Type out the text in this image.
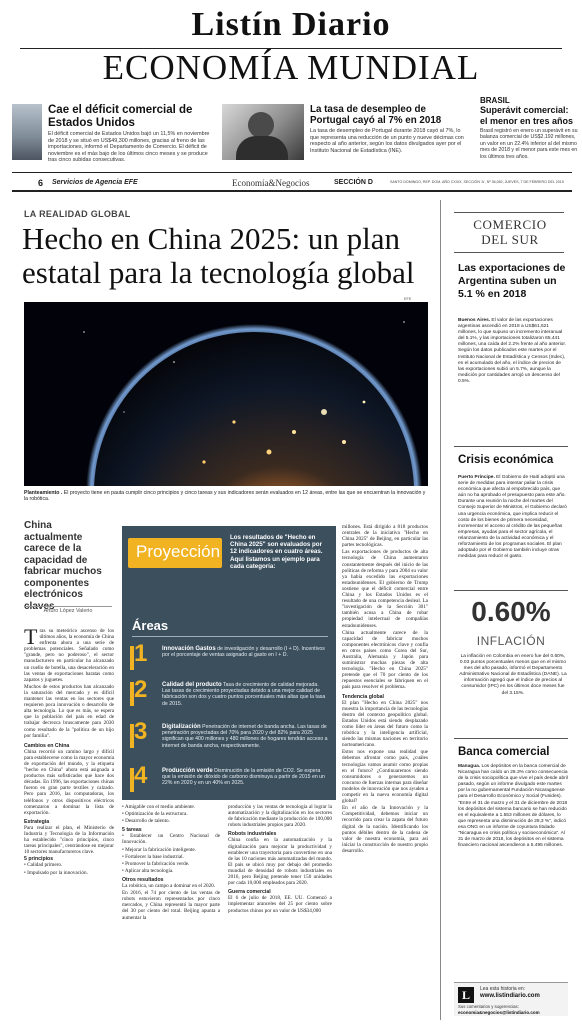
Listín Diario
ECONOMÍA MUNDIAL
Cae el déficit comercial de Estados Unidos
El déficit comercial de Estados Unidos bajó un 11,5% en noviembre de 2018 y se situó en US$49,300 millones, gracias al freno de las importaciones, informó el Departamento de Comercio. El déficit de noviembre es el más bajo de los últimos cinco meses y se produce tras cinco subidas consecutivas.
La tasa de desempleo de Portugal cayó al 7% en 2018
La tasa de desempleo de Portugal durante 2018 cayó al 7%, lo que representa una reducción de un punto y nueve décimas con respecto al año anterior, según los datos divulgados ayer por el Instituto Nacional de Estadística (INE).
BRASIL
Superávit comercial: el menor en tres años
Brasil registró en enero un superávit en su balanza comercial de US$2.192 millones, un valor en un 22.4% inferior al del mismo mes de 2018 y el menor para este mes en los últimos tres años.
6 Servicios de Agencia EFE	Economía&Negocios	SECCIÓN D	SANTO DOMINGO, REP. DOM. AÑO CXXIX, SECCIÓN 'A', Nº 36,082, JUEVES, 7 DE FEBRERO DEL 2019
LA REALIDAD GLOBAL
Hecho en China 2025: un plan estatal para la tecnología global
EFE
Planteamiento . El proyecto tiene en pauta cumplir cinco principios y cinco tareas y sus indicadores serán evaluados en 12 áreas, entre las que se encuentran la innovación y la robótica.
China actualmente carece de la capacidad de fabricar muchos componentes electrónicos claves
Arturo López Valerio
T ras su meteórico ascenso de los últimos años, la economía de China enfrenta ahora a una serie de problemas potenciales. Señalado como "grande, pero no poderoso", el sector manufacturero en particular ha alcanzado un cuello de botella, una desaceleración en las ventas de exportaciones baratas como zapatos y juguetes.

Muchos de estos productos han alcanzado la saturación del mercado y es difícil mantener las ventas en los sectores que requieren poca innovación o desarrollo de alta tecnología. Lo que es más, se espera que la población del país en edad de trabajar decrezca bruscamente para 2030 como resultado de la "política de un hijo por familia".

Cambios en China

China recorrió un camino largo y difícil para establecerse como la mayor economía de exportación del mundo, y la etiqueta "hecho en China" ahora está asignada a productos más sofisticados que hace dos décadas. En 1996, las exportaciones chinas fueron en gran parte textiles y calzado. Pero para 2016, las computadoras, los teléfonos y otros dispositivos eléctricos comenzaron a dominar la lista de exportación.

Estrategia

Para realizar el plan, el Ministerio de Industria y Tecnología de la Información ha establecido "cinco principios, cinco tareas principales", centrándose en mejorar 10 sectores manufactureros clave.

5 principios

• Calidad primero.

• Impulsado por la innovación.

Proyección
Los resultados de "Hecho en China 2025" son evaluados por 12 indicadores en cuatro áreas. Aquí listamos un ejemplo para cada categoría:
Áreas
1 Innovación Gastos de investigación y desarrollo (I + D). Incentivos por el porcentaje de ventas asignado al gasto en I + D.
2 Calidad del producto Tasa de crecimiento de calidad mejorada. Las tasas de crecimiento proyectadas debido a una mejor calidad de fabricación son dos y cuatro puntos porcentuales más altas que la tasa de 2015.
3 Digitalización Penetración de internet de banda ancha. Las tasas de penetración proyectadas del 70% para 2020 y del 82% para 2025 significan que 400 millones y 480 millones de hogares tendrán acceso a internet de banda ancha, respectivamente.
4 Producción verde Disminución de la emisión de CO2. Se espera que la emisión de dióxido de carbono disminuya a partir de 2015 en un 22% en 2020 y en un 40% en 2025.

• Amigable con el medio ambiente.

• Optimización de la estructura.

• Desarrollo de talento.

5 tareas

• Establecer un Centro Nacional de Innovación.

• Mejorar la fabricación inteligente.

• Fortalecer la base industrial.

• Promover la fabricación verde.

• Aplicar alta tecnología.

Otros resultados

La robótica, un campo a dominar en el 2020.

En 2016, el 74 por ciento de las ventas de robots estuvieron representados por cinco mercados, y China representó la mayor parte del 30 por ciento del total. Beijing apunta a aumentar la

producción y las ventas de tecnología al lograr la automatización y la digitalización en los sectores de fabricación mediante la producción de 100,000 robots industriales propios para 2020.

Robots industriales

China confía en la automatización y la digitalización para mejorar la productividad y establecer una trayectoria para convertirse en una de las 10 naciones más automatizadas del mundo. El país se ubicó muy por debajo del promedio mundial de densidad de robots industriales en 2016, pero Beijing pretende tener 150 unidades por cada 10,000 empleados para 2020.

Guerra comercial

El 6 de julio de 2018, EE. UU. Comenzó a implementar aranceles del 25 por ciento sobre productos chinos por un valor de US$34,000

millones. Está dirigido a 818 productos centrales de la iniciativa "Hecho en China 2025" de Beijing, en particular las partes tecnológicas.

Las exportaciones de productos de alta tecnología de China aumentaron constantemente después del inicio de las políticas de reforma y para 2004 su valor ya había excedido las exportaciones estadounidenses. El gobierno de Trump sostiene que el déficit comercial entre China y los Estados Unidos es el resultado de una competencia desleal. La "investigación de la Sección 301" también acusa a China de robar propiedad intelectual de compañías estadounidenses.

China actualmente carece de la capacidad de fabricar muchos componentes electrónicos clave y confía en otros países como Corea del Sur, Australia, Alemania y Japón para suministrar muchas piezas de alta tecnología. "Hecho en China 2025" pretende que el 70 por ciento de los repuestos esenciales se fabriquen en el país para resolver el problema.

Tendencia global

El plan "Hecho en China 2025" nos muestra la importancia de las tecnologías dentro del contexto geopolítico global. Estados Unidos está siendo desplazado como líder en áreas del futuro como la robótica y la inteligencia artificial, siendo las mismas naciones en territorio norteamericano.

Estos nos expone una realidad que debemos afrontar como país, ¿cuáles tecnologías vamos asumir como propias en el futuro? ¿Continuaremos siendo consumidores o generaremos un concurso de fuerzas internas para diseñar modelos de innovación que nos ayuden a competir en la nueva economía digital global?

En el año de la Innovación y la Competitividad, debemos iniciar un recorrido para crear la zapata del futuro digital de la nación. Identificando los puntos débiles dentro de la cadena de valor de nuestra economía, para así iniciar la construcción de nuestro propio desarrollo.

COMERCIO DEL SUR
Las exportaciones de Argentina suben un 5.1 % en 2018
Buenos Aires. El valor de las exportaciones argentinas ascendió en 2018 a US$61,621 millones, lo que supuso un incremento interanual del 5.1%, y las importaciones totalizaron 65.441 millones, una caída del 2.2% frente al año anterior. Según los datos publicados este martes por el Instituto Nacional de Estadística y Censos (Indec), en el acumulado del año, el índice de precios de las exportaciones subió un 5.7%, aunque la medición por cantidades arrojó un descenso del 0.5%.
Crisis económica
Puerto Príncipe. El Gobierno de Haití adoptó una serie de medidas para intentar paliar la crisis económica que afecta al empobrecido país, que aún no ha aprobado el presupuesto para este año. Durante una reunión la noche del martes del Consejo Superior de Ministros, el Gobierno declaró una urgencia económica, que implica reducir el costo de los bienes de primera necesidad, incrementar el acceso al crédito de las pequeñas empresas, ayudas para el sector agrícola, el relanzamiento de la actividad económica y el reforzamiento de los programas sociales. El plan adoptado por el Gobierno también incluye otras medidas para reducir el gasto.
0.60%
INFLACIÓN
La inflación en Colombia en enero fue del 0.60%, 0.03 puntos porcentuales menos que en el mismo mes del año pasado, informó el Departamento Administrativo Nacional de Estadística (DANE). La información agregó que el índice de precios al consumidor (IPC) en los últimos doce meses fue del 3.15%.
Banca comercial
Managua. Los depósitos en la banca comercial de Nicaragua han caído un 28.3% como consecuencia de la crisis sociopolítica que vive el país desde abril pasado, según un informe divulgado este martes por la no gubernamental Fundación Nicaragüense para el Desarrollo Económico y Social (Funides). "Entre el 31 de marzo y el 31 de diciembre de 2018 los depósitos del sistema bancario se han reducido en el equivalente a 1.553 millones de dólares, lo que representa una disminución de 28,3 %", indicó esa ONG en un informe de coyuntura titulado "Nicaragua en crisis política y socioeconómica". Al 31 de marzo de 2018, los depósitos en el sistema financiero nacional ascendieron a 5.495 millones.
L	Lea esta historia en:
www.listindiario.com
Sus comentarios y sugerencias:
economia&negocios@listindiario.com
